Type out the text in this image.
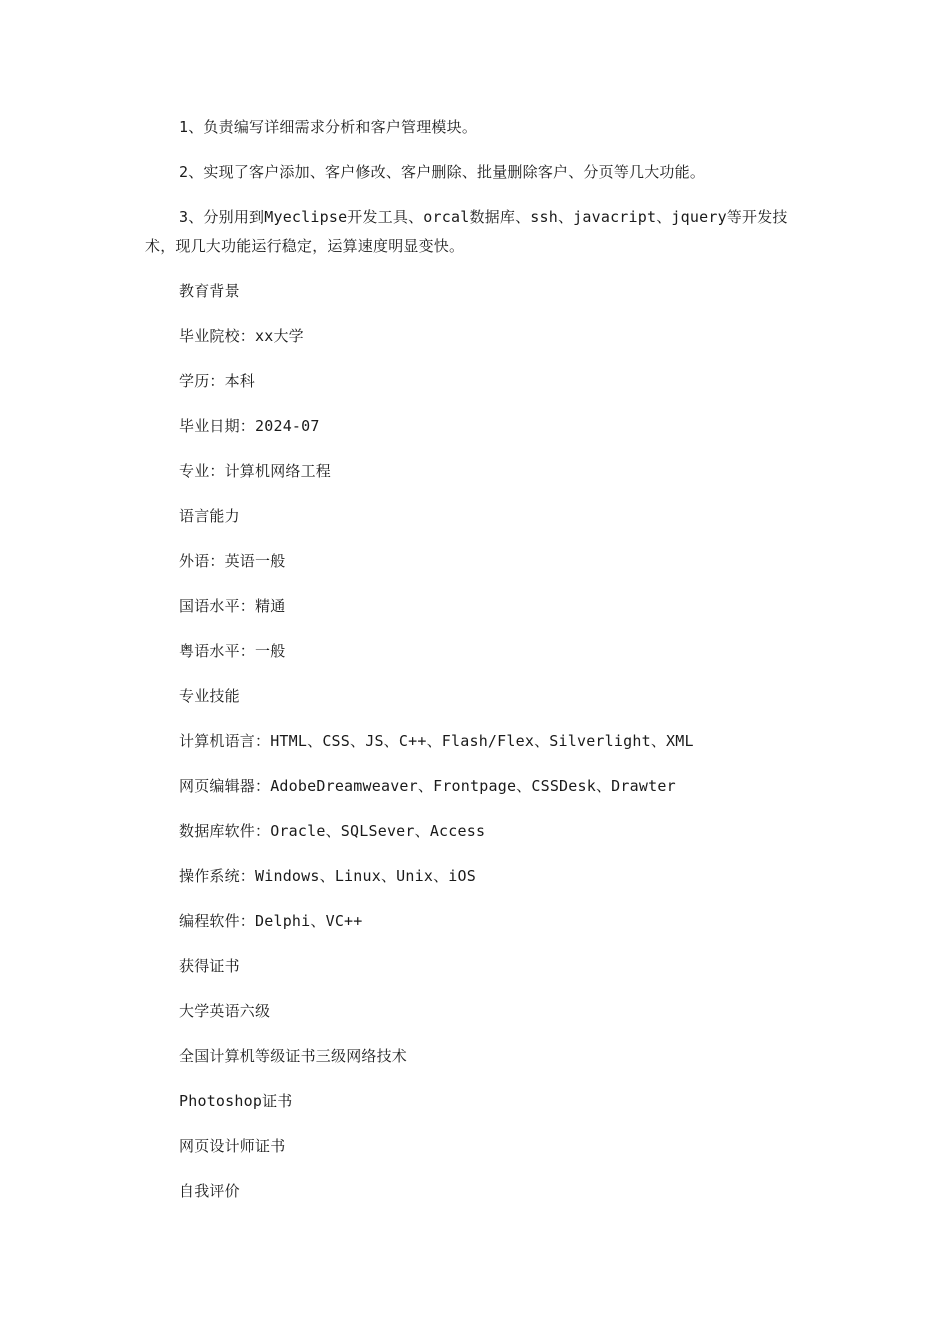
1、负责编写详细需求分析和客户管理模块。

2、实现了客户添加、客户修改、客户删除、批量删除客户、分页等几大功能。

3、分别用到Myeclipse开发工具、orcal数据库、ssh、javacript、jquery等开发技术，现几大功能运行稳定，运算速度明显变快。

教育背景

毕业院校：xx大学

学历：本科

毕业日期：2024-07

专业：计算机网络工程

语言能力

外语：英语一般

国语水平：精通

粤语水平：一般

专业技能

计算机语言：HTML、CSS、JS、C++、Flash/Flex、Silverlight、XML

网页编辑器：AdobeDreamweaver、Frontpage、CSSDesk、Drawter

数据库软件：Oracle、SQLSever、Access

操作系统：Windows、Linux、Unix、iOS

编程软件：Delphi、VC++

获得证书

大学英语六级

全国计算机等级证书三级网络技术

Photoshop证书

网页设计师证书

自我评价
